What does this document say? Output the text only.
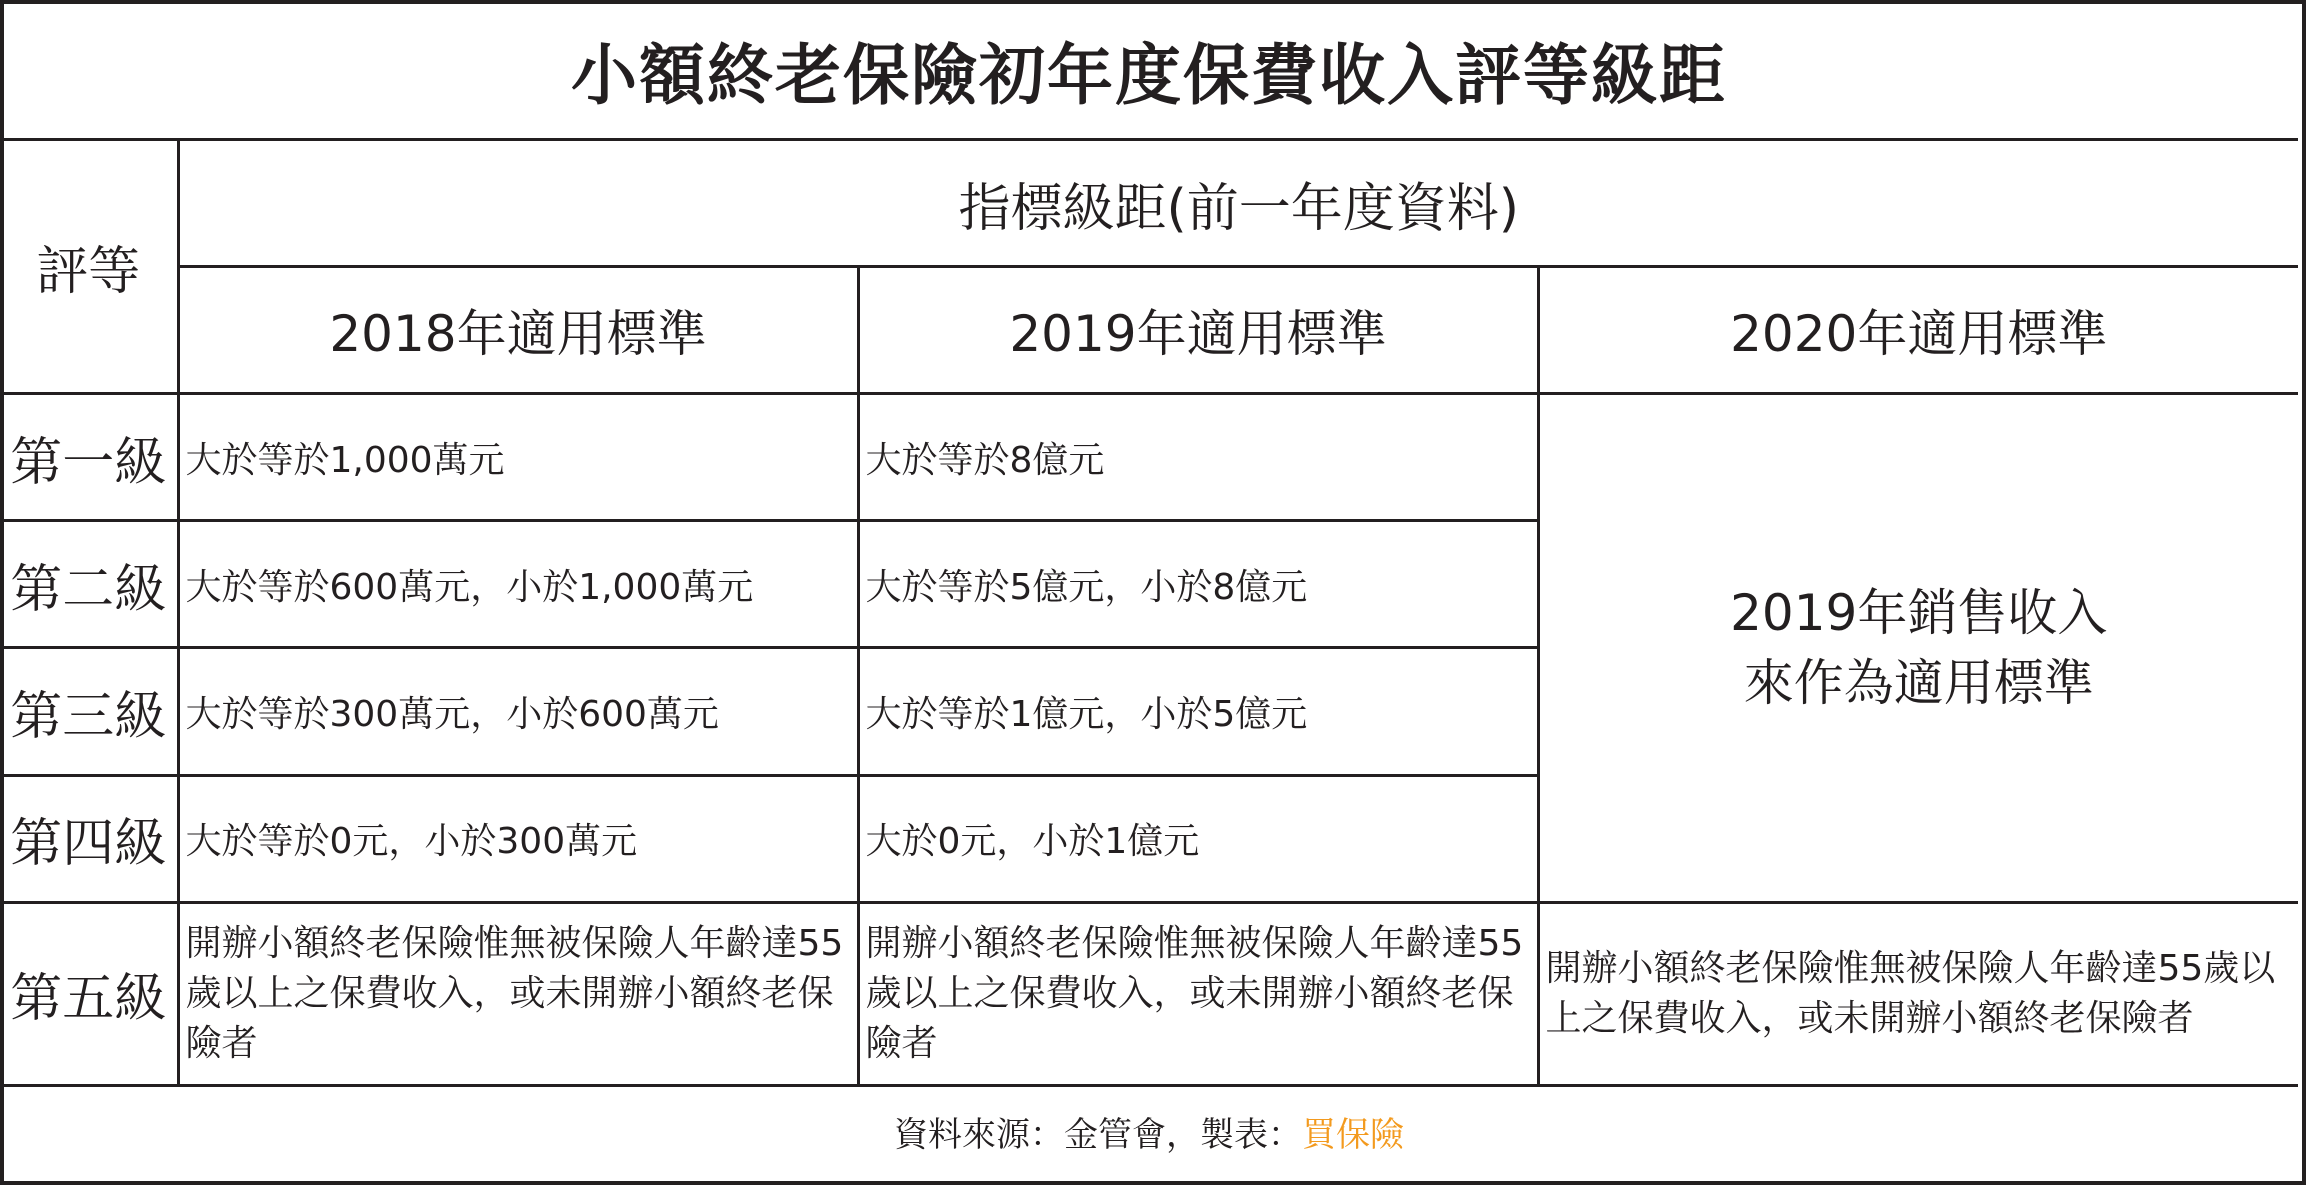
小額終老保險初年度保費收入評等級距			
評等	指標級距(前一年度資料)		
	2018年適用標準	2019年適用標準	2020年適用標準
第一級	大於等於1,000萬元	大於等於8億元	2019年銷售收入
來作為適用標準

第二級	大於等於600萬元，小於1,000萬元	大於等於5億元，小於8億元	
第三級	大於等於300萬元，小於600萬元	大於等於1億元，小於5億元	
第四級	大於等於0元，小於300萬元	大於0元，小於1億元	
第五級	開辦小額終老保險惟無被保險人年齡達55歲以上之保費收入，或未開辦小額終老保險者	開辦小額終老保險惟無被保險人年齡達55歲以上之保費收入，或未開辦小額終老保險者	開辦小額終老保險惟無被保險人年齡達55歲以上之保費收入，或未開辦小額終老保險者
資料來源：金管會，製表：買保險			
